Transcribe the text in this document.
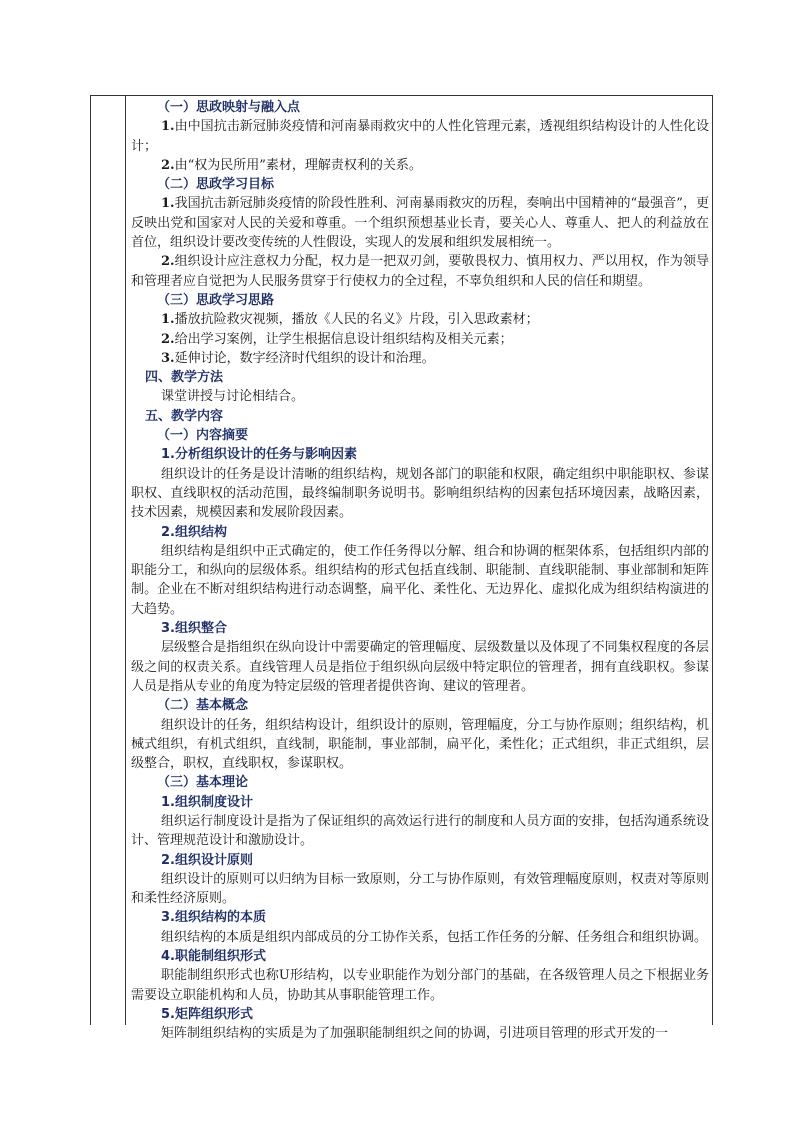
（一）思政映射与融入点
1.由中国抗击新冠肺炎疫情和河南暴雨救灾中的人性化管理元素，透视组织结构设计的人性化设计；
2.由“权为民所用”素材，理解责权利的关系。
（二）思政学习目标
1.我国抗击新冠肺炎疫情的阶段性胜利、河南暴雨救灾的历程，奏响出中国精神的“最强音”，更反映出党和国家对人民的关爱和尊重。一个组织预想基业长青，要关心人、尊重人、把人的利益放在首位，组织设计要改变传统的人性假设，实现人的发展和组织发展相统一。
2.组织设计应注意权力分配，权力是一把双刃剑，要敬畏权力、慎用权力、严以用权，作为领导和管理者应自觉把为人民服务贯穿于行使权力的全过程，不辜负组织和人民的信任和期望。
（三）思政学习思路
1.播放抗险救灾视频，播放《人民的名义》片段，引入思政素材；
2.给出学习案例，让学生根据信息设计组织结构及相关元素；
3.延伸讨论，数字经济时代组织的设计和治理。
四、教学方法
课堂讲授与讨论相结合。
五、教学内容
（一）内容摘要
1.分析组织设计的任务与影响因素
组织设计的任务是设计清晰的组织结构，规划各部门的职能和权限，确定组织中职能职权、参谋职权、直线职权的活动范围，最终编制职务说明书。影响组织结构的因素包括环境因素，战略因素，技术因素，规模因素和发展阶段因素。
2.组织结构
组织结构是组织中正式确定的，使工作任务得以分解、组合和协调的框架体系，包括组织内部的职能分工，和纵向的层级体系。组织结构的形式包括直线制、职能制、直线职能制、事业部制和矩阵制。企业在不断对组织结构进行动态调整，扁平化、柔性化、无边界化、虚拟化成为组织结构演进的大趋势。
3.组织整合
层级整合是指组织在纵向设计中需要确定的管理幅度、层级数量以及体现了不同集权程度的各层级之间的权责关系。直线管理人员是指位于组织纵向层级中特定职位的管理者，拥有直线职权。参谋人员是指从专业的角度为特定层级的管理者提供咨询、建议的管理者。
（二）基本概念
组织设计的任务，组织结构设计，组织设计的原则，管理幅度，分工与协作原则；组织结构，机械式组织，有机式组织，直线制，职能制，事业部制，扁平化，柔性化；正式组织，非正式组织，层级整合，职权，直线职权，参谋职权。
（三）基本理论
1.组织制度设计
组织运行制度设计是指为了保证组织的高效运行进行的制度和人员方面的安排，包括沟通系统设计、管理规范设计和激励设计。
2.组织设计原则
组织设计的原则可以归纳为目标一致原则，分工与协作原则，有效管理幅度原则，权责对等原则和柔性经济原则。
3.组织结构的本质
组织结构的本质是组织内部成员的分工协作关系，包括工作任务的分解、任务组合和组织协调。
4.职能制组织形式
职能制组织形式也称U形结构，以专业职能作为划分部门的基础，在各级管理人员之下根据业务需要设立职能机构和人员，协助其从事职能管理工作。
5.矩阵组织形式
矩阵制组织结构的实质是为了加强职能制组织之间的协调，引进项目管理的形式开发的一
